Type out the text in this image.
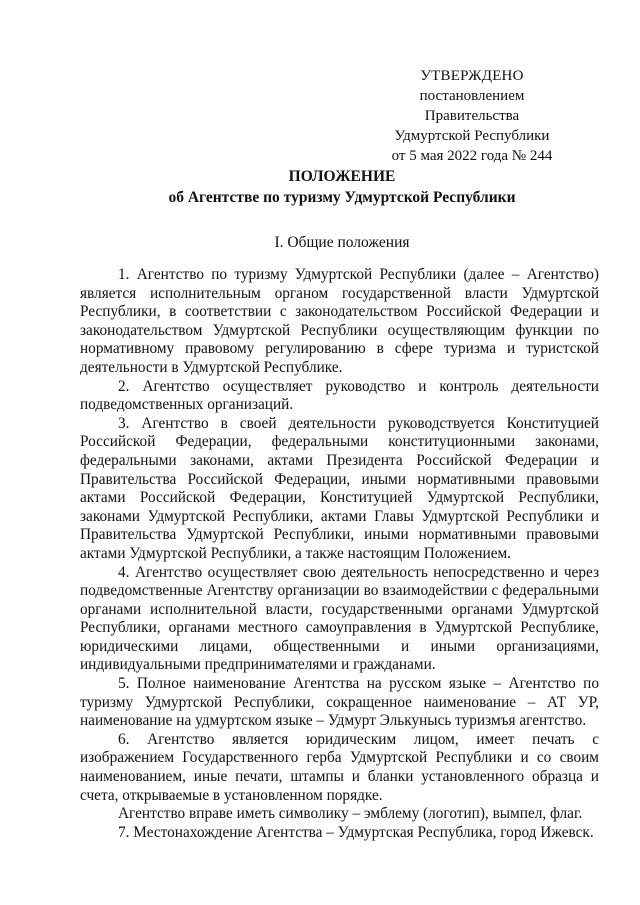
УТВЕРЖДЕНО
постановлением Правительства
Удмуртской Республики
от 5 мая 2022 года № 244
ПОЛОЖЕНИЕ
об Агентстве по туризму Удмуртской Республики
I. Общие положения

1. Агентство по туризму Удмуртской Республики (далее – Агентство) является исполнительным органом государственной власти Удмуртской Республики, в соответствии с законодательством Российской Федерации и законодательством Удмуртской Республики осуществляющим функции по нормативному правовому регулированию в сфере туризма и туристской деятельности в Удмуртской Республике.

2. Агентство осуществляет руководство и контроль деятельности подведомственных организаций.

3. Агентство в своей деятельности руководствуется Конституцией Российской Федерации, федеральными конституционными законами, федеральными законами, актами Президента Российской Федерации и Правительства Российской Федерации, иными нормативными правовыми актами Российской Федерации, Конституцией Удмуртской Республики, законами Удмуртской Республики, актами Главы Удмуртской Республики и Правительства Удмуртской Республики, иными нормативными правовыми актами Удмуртской Республики, а также настоящим Положением.

4. Агентство осуществляет свою деятельность непосредственно и через подведомственные Агентству организации во взаимодействии с федеральными органами исполнительной власти, государственными органами Удмуртской Республики, органами местного самоуправления в Удмуртской Республике, юридическими лицами, общественными и иными организациями, индивидуальными предпринимателями и гражданами.

5. Полное наименование Агентства на русском языке – Агентство по туризму Удмуртской Республики, сокращенное наименование – АТ УР, наименование на удмуртском языке – Удмурт Элькунысь туризмъя агентство.

6. Агентство является юридическим лицом, имеет печать с изображением Государственного герба Удмуртской Республики и со своим наименованием, иные печати, штампы и бланки установленного образца и счета, открываемые в установленном порядке.

Агентство вправе иметь символику – эмблему (логотип), вымпел, флаг.

7. Местонахождение Агентства – Удмуртская Республика, город Ижевск.
